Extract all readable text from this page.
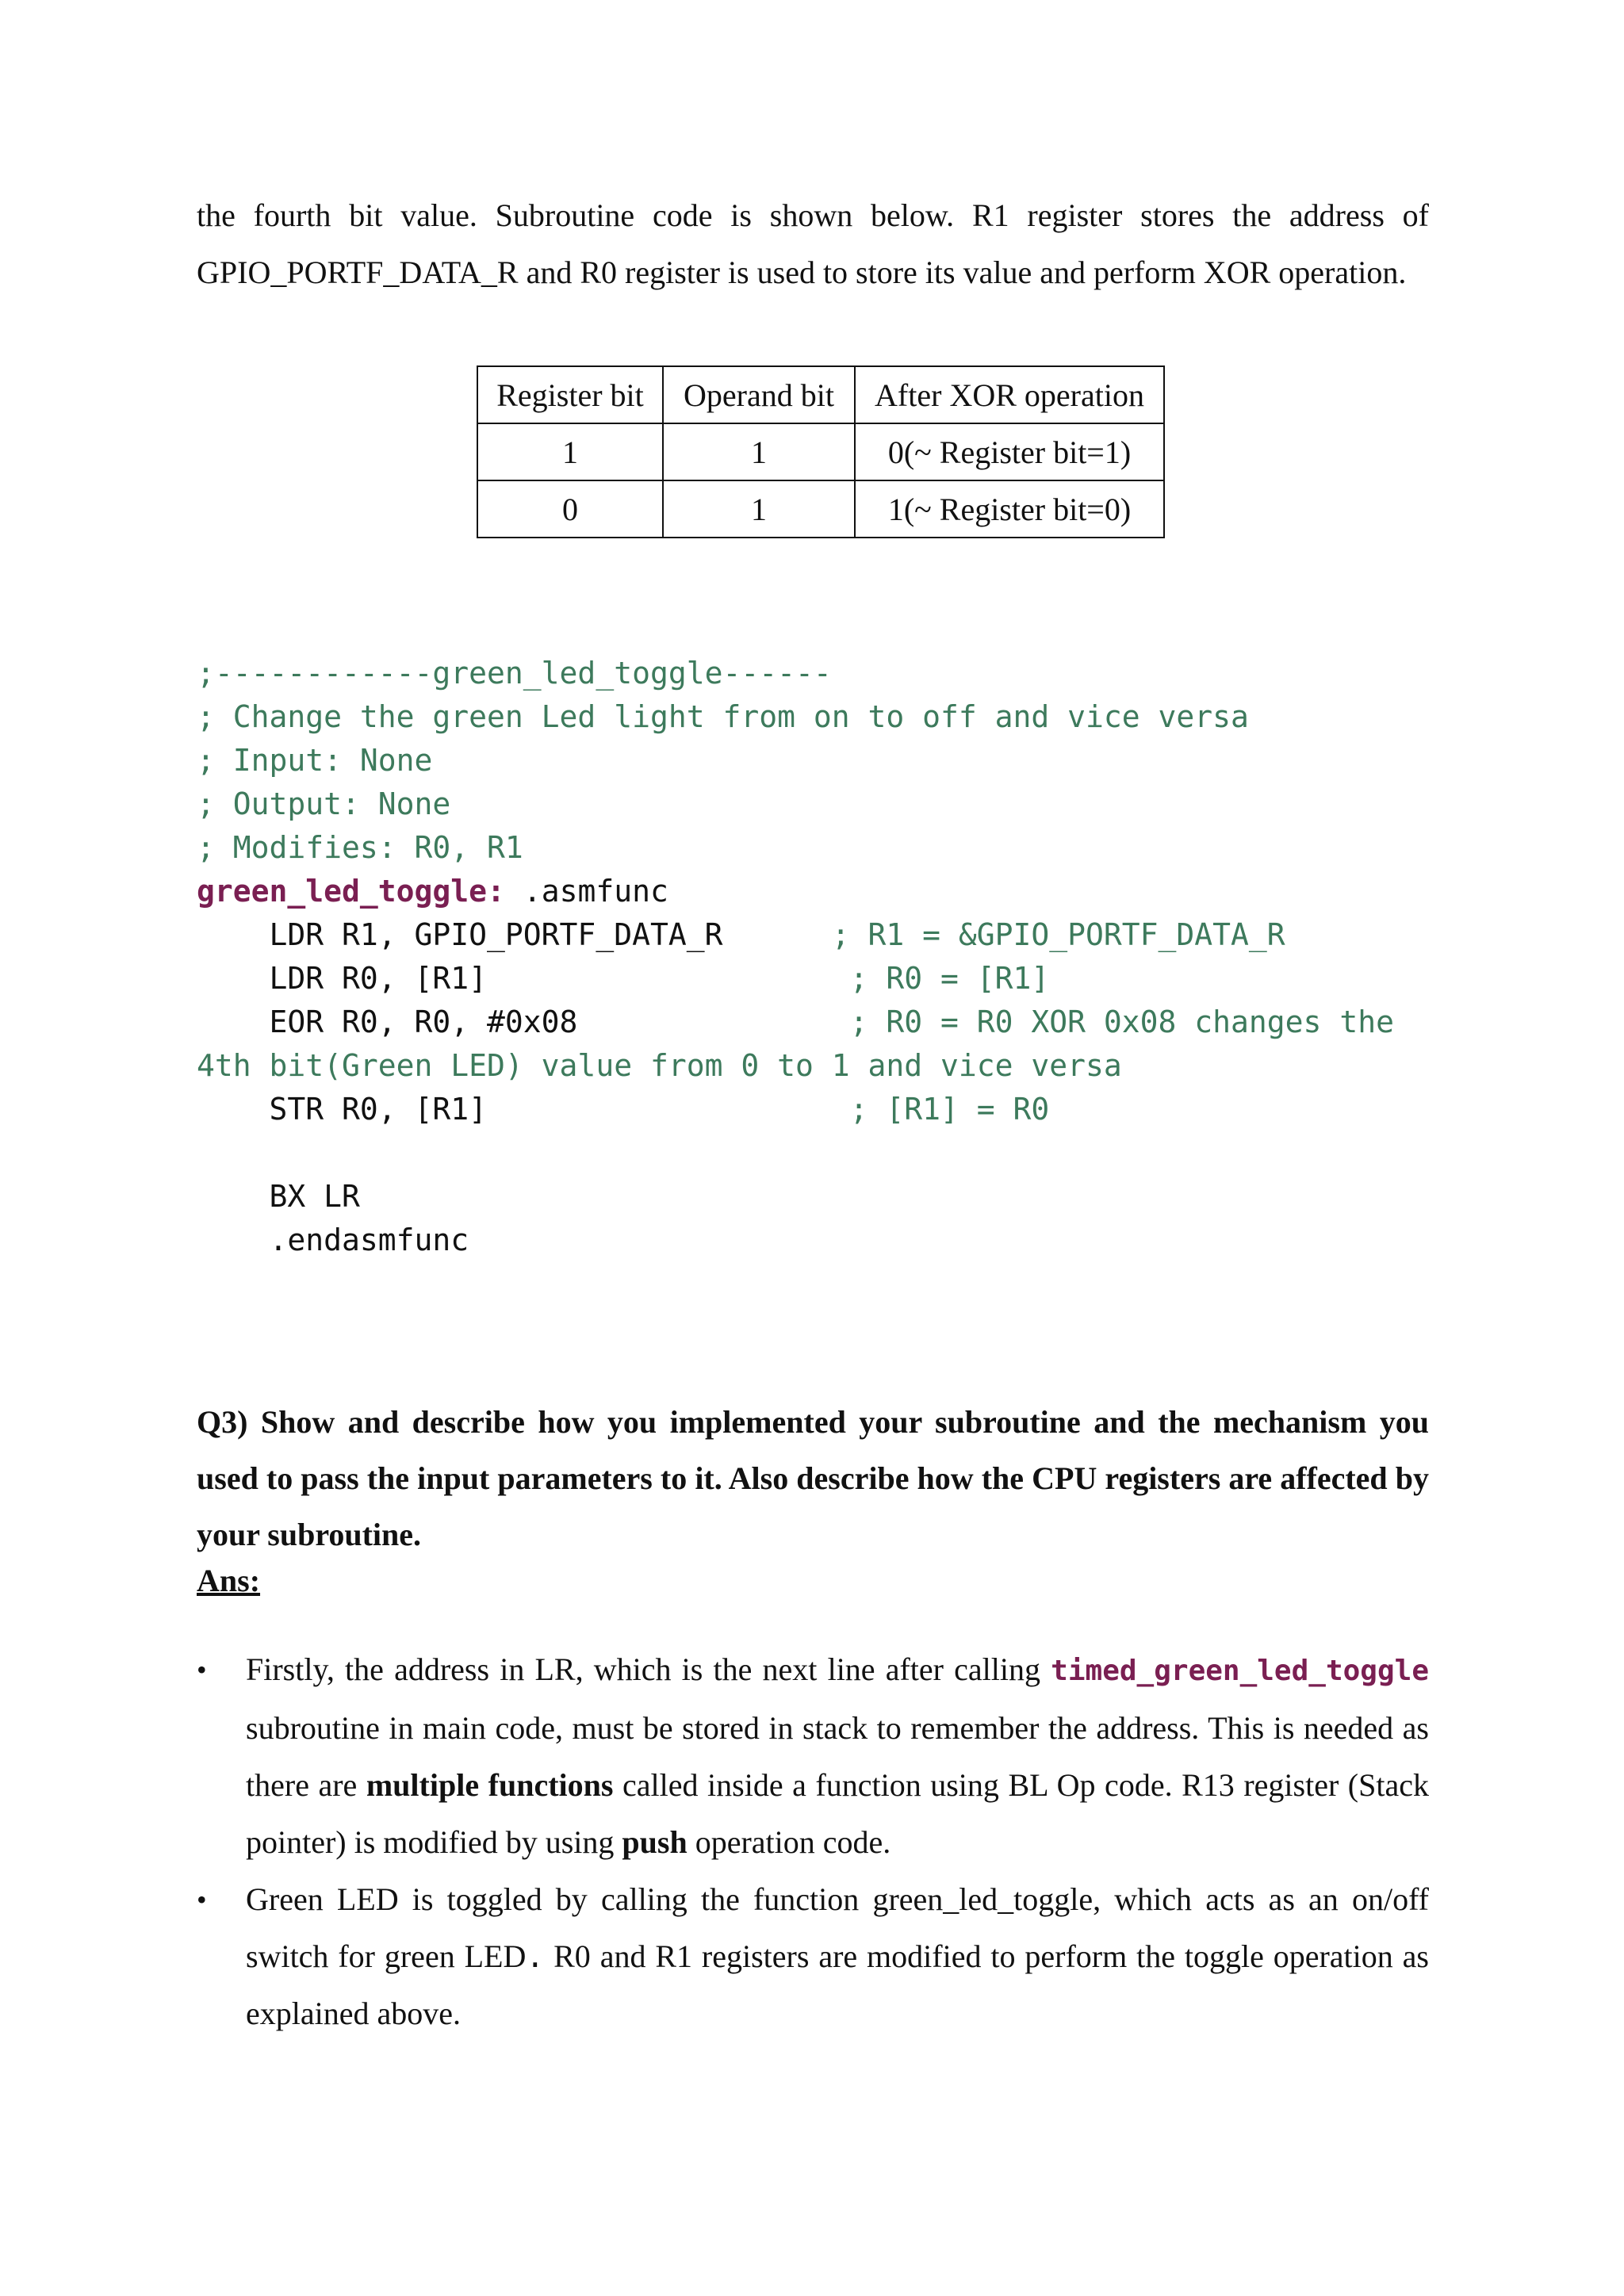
the fourth bit value. Subroutine code is shown below. R1 register stores the address of
GPIO_PORTF_DATA_R and R0 register is used to store its value and perform XOR operation.
Register bit	Operand bit	After XOR operation
1	1	0(~ Register bit=1)
0	1	1(~ Register bit=0)
;------------green_led_toggle------
; Change the green Led light from on to off and vice versa
; Input: None
; Output: None
; Modifies: R0, R1
green_led_toggle: .asmfunc
LDR R1, GPIO_PORTF_DATA_R      ; R1 = &GPIO_PORTF_DATA_R
LDR R0, [R1]                    ; R0 = [R1]
EOR R0, R0, #0x08               ; R0 = R0 XOR 0x08 changes the
4th bit(Green LED) value from 0 to 1 and vice versa
STR R0, [R1]                    ; [R1] = R0

BX LR
.endasmfunc
Q3) Show and describe how you implemented your subroutine and the mechanism you used to pass the input parameters to it. Also describe how the CPU registers are affected by your subroutine.
Ans:
• Firstly, the address in LR, which is the next line after calling timed_green_led_toggle subroutine in main code, must be stored in stack to remember the address. This is needed as there are multiple functions called inside a function using BL Op code. R13 register (Stack pointer) is modified by using push operation code.
• Green LED is toggled by calling the function green_led_toggle, which acts as an on/off switch for green LED. R0 and R1 registers are modified to perform the toggle operation as explained above.
